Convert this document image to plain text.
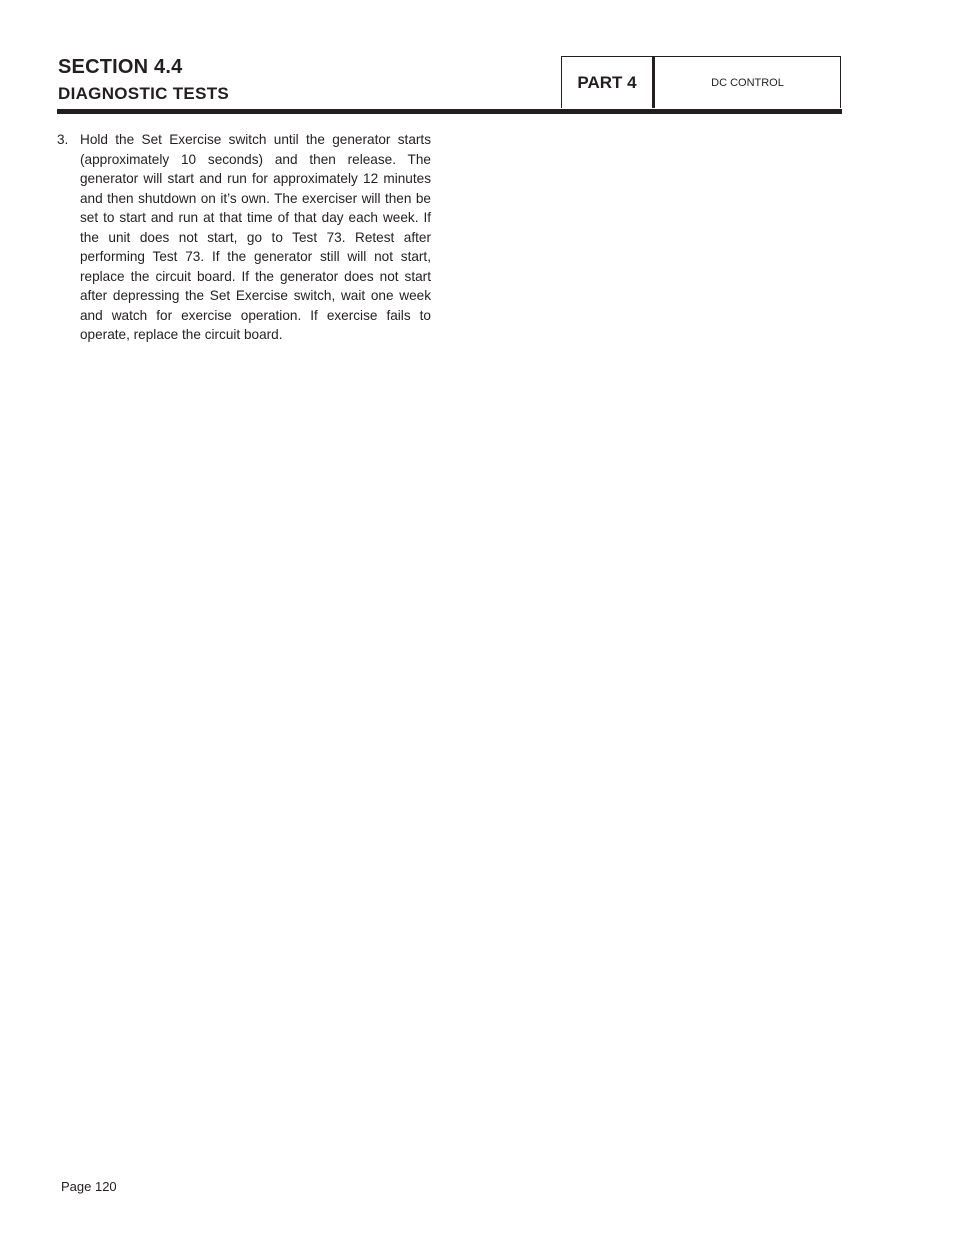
SECTION 4.4
DIAGNOSTIC TESTS
PART 4	DC CONTROL
3. Hold the Set Exercise switch until the generator starts (approximately 10 seconds) and then release. The generator will start and run for approximately 12 minutes and then shutdown on it’s own. The exerciser will then be set to start and run at that time of that day each week. If the unit does not start, go to Test 73. Retest after performing Test 73. If the generator still will not start, replace the circuit board. If the generator does not start after depressing the Set Exercise switch, wait one week and watch for exercise operation. If exercise fails to operate, replace the circuit board.
Page 120
